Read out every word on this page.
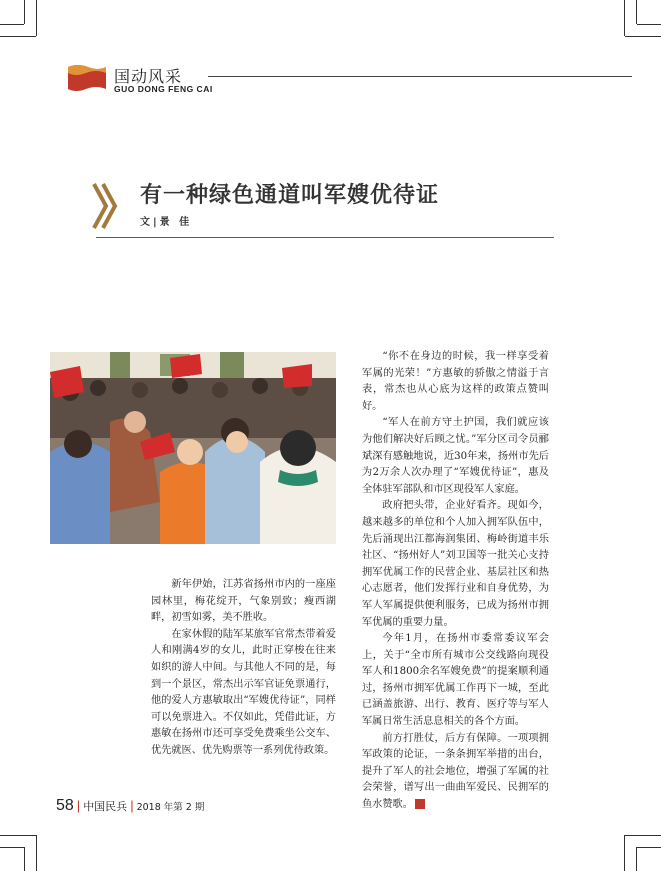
国动风采
GUO DONG FENG CAI
有一种绿色通道叫军嫂优待证
文|景 佳

新年伊始，江苏省扬州市内的一座座园林里，梅花绽开，气象别致；瘦西湖畔，初雪如雾，美不胜收。

在家休假的陆军某旅军官常杰带着爱人和刚满4岁的女儿，此时正穿梭在往来如织的游人中间。与其他人不同的是，每到一个景区，常杰出示军官证免票通行，他的爱人方惠敏取出“军嫂优待证”，同样可以免票进入。不仅如此，凭借此证，方惠敏在扬州市还可享受免费乘坐公交车、优先就医、优先购票等一系列优待政策。

“你不在身边的时候，我一样享受着军属的光荣！”方惠敏的骄傲之情溢于言表，常杰也从心底为这样的政策点赞叫好。

“军人在前方守土护国，我们就应该为他们解决好后顾之忧。”军分区司令员郦斌深有感触地说，近30年来，扬州市先后为2万余人次办理了“军嫂优待证”，惠及全体驻军部队和市区现役军人家庭。

政府把头带，企业好看齐。现如今，越来越多的单位和个人加入拥军队伍中，先后涌现出江都海润集团、梅岭街道丰乐社区、“扬州好人”刘卫国等一批关心支持拥军优属工作的民营企业、基层社区和热心志愿者，他们发挥行业和自身优势，为军人军属提供便利服务，已成为扬州市拥军优属的重要力量。

今年1月，在扬州市委常委议军会上，关于“全市所有城市公交线路向现役军人和1800余名军嫂免费”的提案顺利通过，扬州市拥军优属工作再下一城，至此已涵盖旅游、出行、教育、医疗等与军人军属日常生活息息相关的各个方面。

前方打胜仗，后方有保障。一项项拥军政策的论证，一条条拥军举措的出台，提升了军人的社会地位，增强了军属的社会荣誉，谱写出一曲曲军爱民、民拥军的鱼水赞歌。	✦

58 | 中国民兵 | 2018 年第 2 期
